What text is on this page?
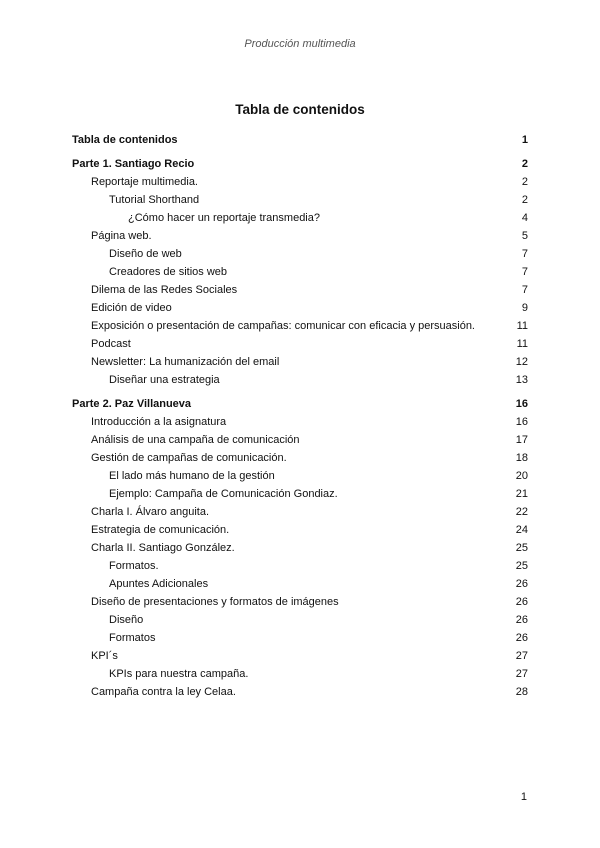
Producción multimedia
Tabla de contenidos
Tabla de contenidos	1
Parte 1. Santiago Recio	2
Reportaje multimedia.	2
Tutorial Shorthand	2
¿Cómo hacer un reportaje transmedia?	4
Página web.	5
Diseño de web	7
Creadores de sitios web	7
Dilema de las Redes Sociales	7
Edición de video	9
Exposición o presentación de campañas: comunicar con eficacia y persuasión.	11
Podcast	11
Newsletter: La humanización del email	12
Diseñar una estrategia	13
Parte 2. Paz Villanueva	16
Introducción a la asignatura	16
Análisis de una campaña de comunicación	17
Gestión de campañas de comunicación.	18
El lado más humano de la gestión	20
Ejemplo: Campaña de Comunicación Gondiaz.	21
Charla I. Álvaro anguita.	22
Estrategia de comunicación.	24
Charla II. Santiago González.	25
Formatos.	25
Apuntes Adicionales	26
Diseño de presentaciones y formatos de imágenes	26
Diseño	26
Formatos	26
KPI´s	27
KPIs para nuestra campaña.	27
Campaña contra la ley Celaa.	28
1
